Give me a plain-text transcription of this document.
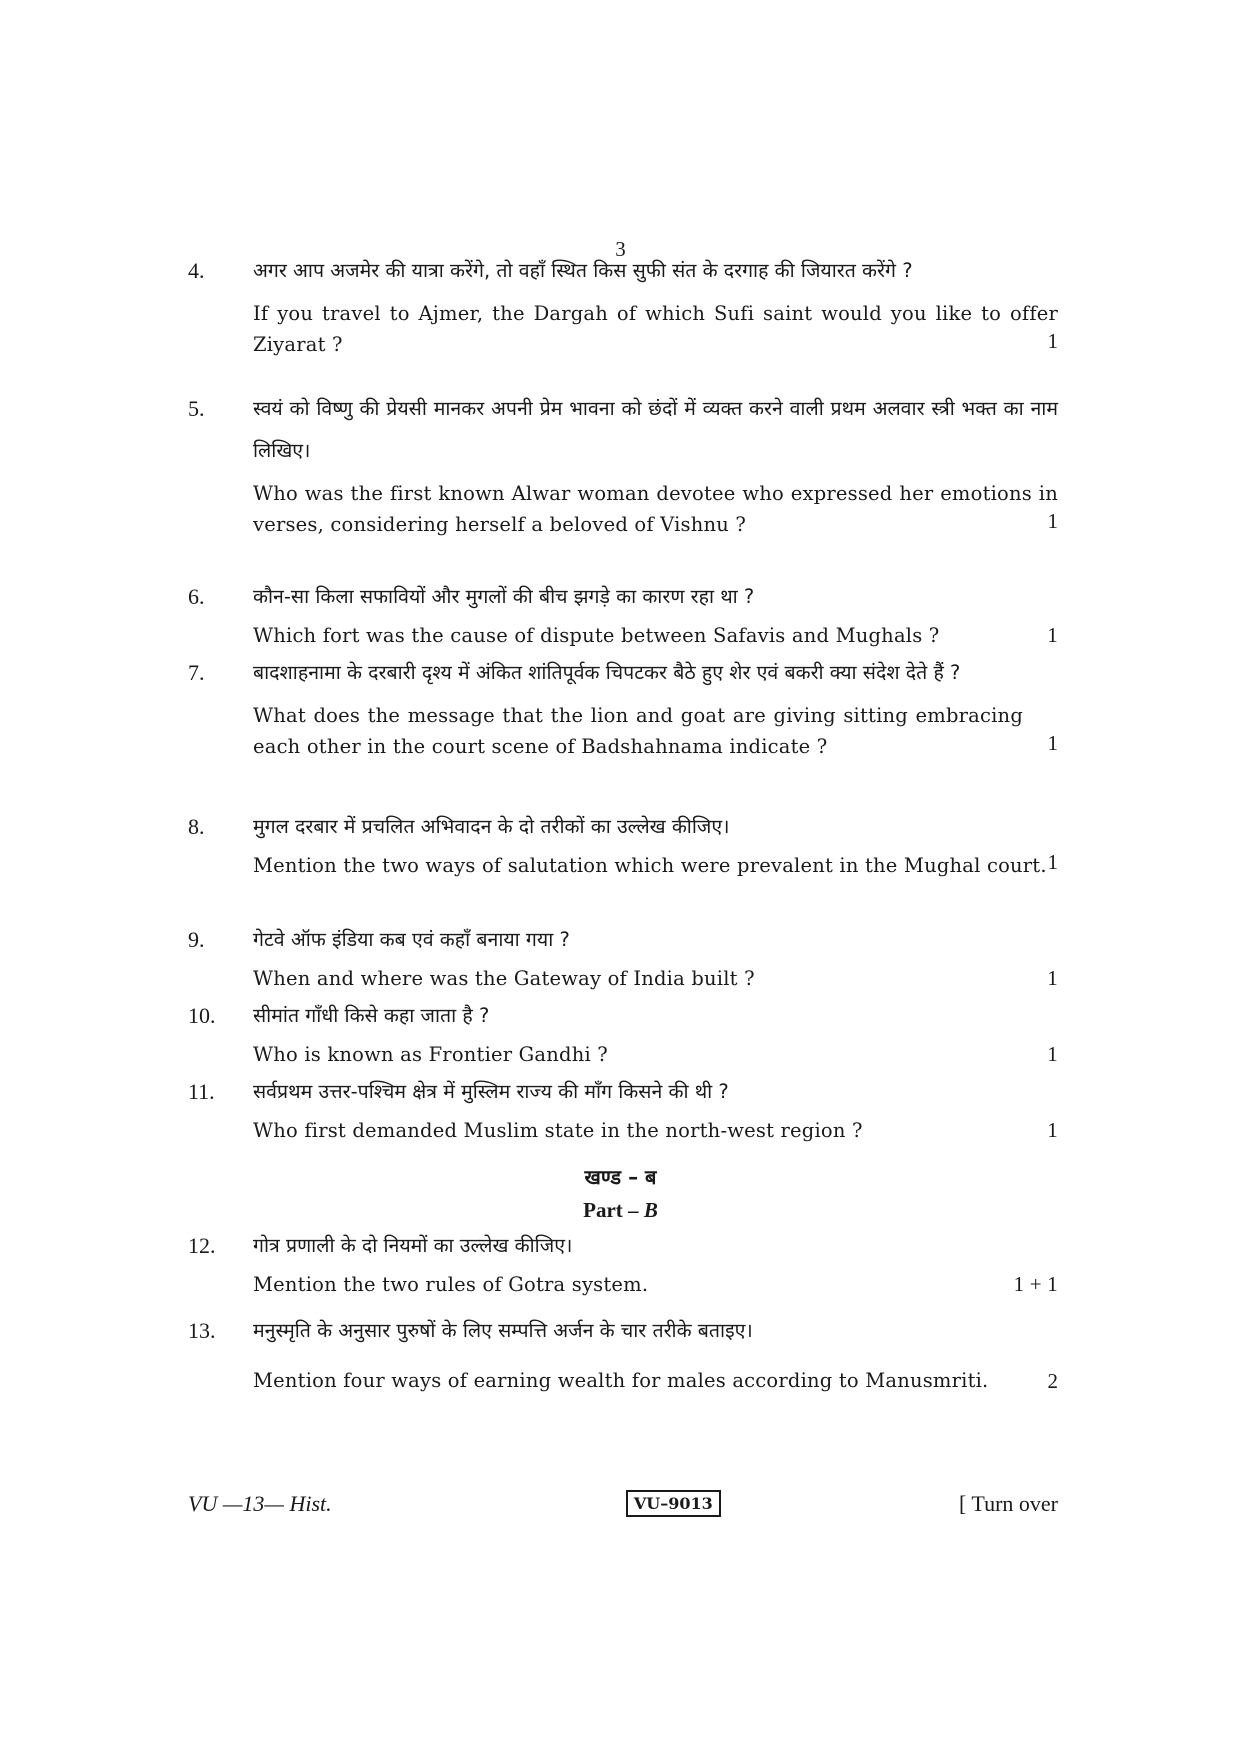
3
4.	अगर आप अजमेर की यात्रा करेंगे, तो वहाँ स्थित किस सुफी संत के दरगाह की जियारत करेंगे ?
If you travel to Ajmer, the Dargah of which Sufi saint would you like to offer Ziyarat ?	1
5.	स्वयं को विष्णु की प्रेयसी मानकर अपनी प्रेम भावना को छंदों में व्यक्त करने वाली प्रथम अलवार स्त्री भक्त का नाम लिखिए।
Who was the first known Alwar woman devotee who expressed her emotions in verses, considering herself a beloved of Vishnu ?	1
6.	कौन-सा किला सफावियों और मुगलों की बीच झगड़े का कारण रहा था ?
Which fort was the cause of dispute between Safavis and Mughals ?	1
7.	बादशाहनामा के दरबारी दृश्य में अंकित शांतिपूर्वक चिपटकर बैठे हुए शेर एवं बकरी क्या संदेश देते हैं ?
What does the message that the lion and goat are giving sitting embracing each other in the court scene of Badshahnama indicate ?	1
8.	मुगल दरबार में प्रचलित अभिवादन के दो तरीकों का उल्लेख कीजिए।
Mention the two ways of salutation which were prevalent in the Mughal court. 1
9.	गेटवे ऑफ इंडिया कब एवं कहाँ बनाया गया ?
When and where was the Gateway of India built ?	1
10.	सीमांत गाँधी किसे कहा जाता है ?
Who is known as Frontier Gandhi ?	1
11.	सर्वप्रथम उत्तर-पश्चिम क्षेत्र में मुस्लिम राज्य की माँग किसने की थी ?
Who first demanded Muslim state in the north-west region ?	1
खण्ड – ब
Part – B
12.	गोत्र प्रणाली के दो नियमों का उल्लेख कीजिए।
Mention the two rules of Gotra system.	1 + 1
13.	मनुस्मृति के अनुसार पुरुषों के लिए सम्पत्ति अर्जन के चार तरीके बताइए।
Mention four ways of earning wealth for males according to Manusmriti.	2
VU —13— Hist.	VU–9013	[ Turn over
